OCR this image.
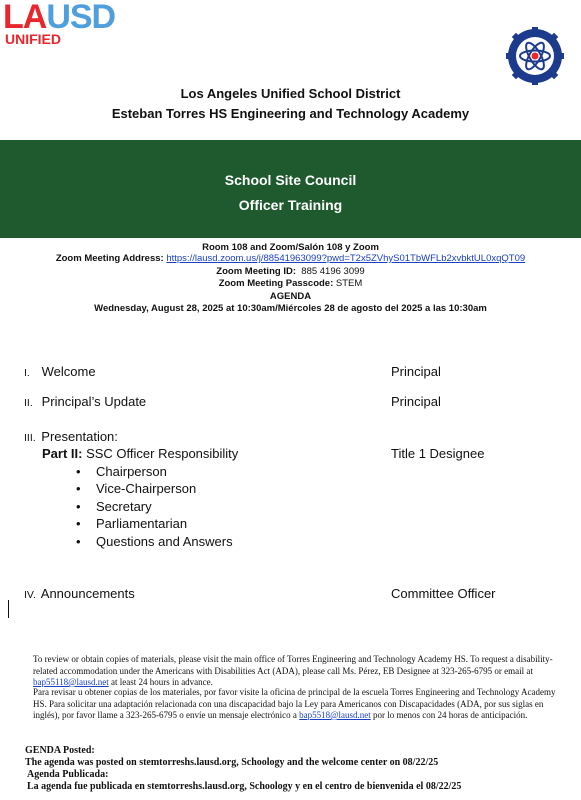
LAUSD
UNIFIED
Los Angeles Unified School District
Esteban Torres HS Engineering and Technology Academy
School Site Council
Officer Training
Room 108 and Zoom/Salón 108 y Zoom
Zoom Meeting Address: https://lausd.zoom.us/j/88541963099?pwd=T2x5ZVhyS01TbWFLb2xvbktUL0xqQT09
Zoom Meeting ID: 885 4196 3099
Zoom Meeting Passcode: STEM
AGENDA
Wednesday, August 28, 2025 at 10:30am/Miércoles 28 de agosto del 2025 a las 10:30am
I. Welcome	Principal
II. Principal’s Update	Principal
III. Presentation:
Part II: SSC Officer Responsibility	Title 1 Designee
• Chairperson
• Vice-Chairperson
• Secretary
• Parliamentarian
• Questions and Answers
IV. Announcements	Committee Officer
To review or obtain copies of materials, please visit the main office of Torres Engineering and Technology Academy HS. To request a disability-related accommodation under the Americans with Disabilities Act (ADA), please call Ms. Pérez, EB Designee at 323-265-6795 or email at bap55118@lausd.net at least 24 hours in advance.
Para revisar u obtener copias de los materiales, por favor visite la oficina de principal de la escuela Torres Engineering and Technology Academy HS. Para solicitar una adaptación relacionada con una discapacidad bajo la Ley para Americanos con Discapacidades (ADA, por sus siglas en inglés), por favor llame a 323-265-6795 o envíe un mensaje electrónico a bap5518@lausd.net por lo menos con 24 horas de anticipación.
GENDA Posted:
The agenda was posted on stemtorreshs.lausd.org, Schoology and the welcome center on 08/22/25
Agenda Publicada:
La agenda fue publicada en stemtorreshs.lausd.org, Schoology y en el centro de bienvenida el 08/22/25
